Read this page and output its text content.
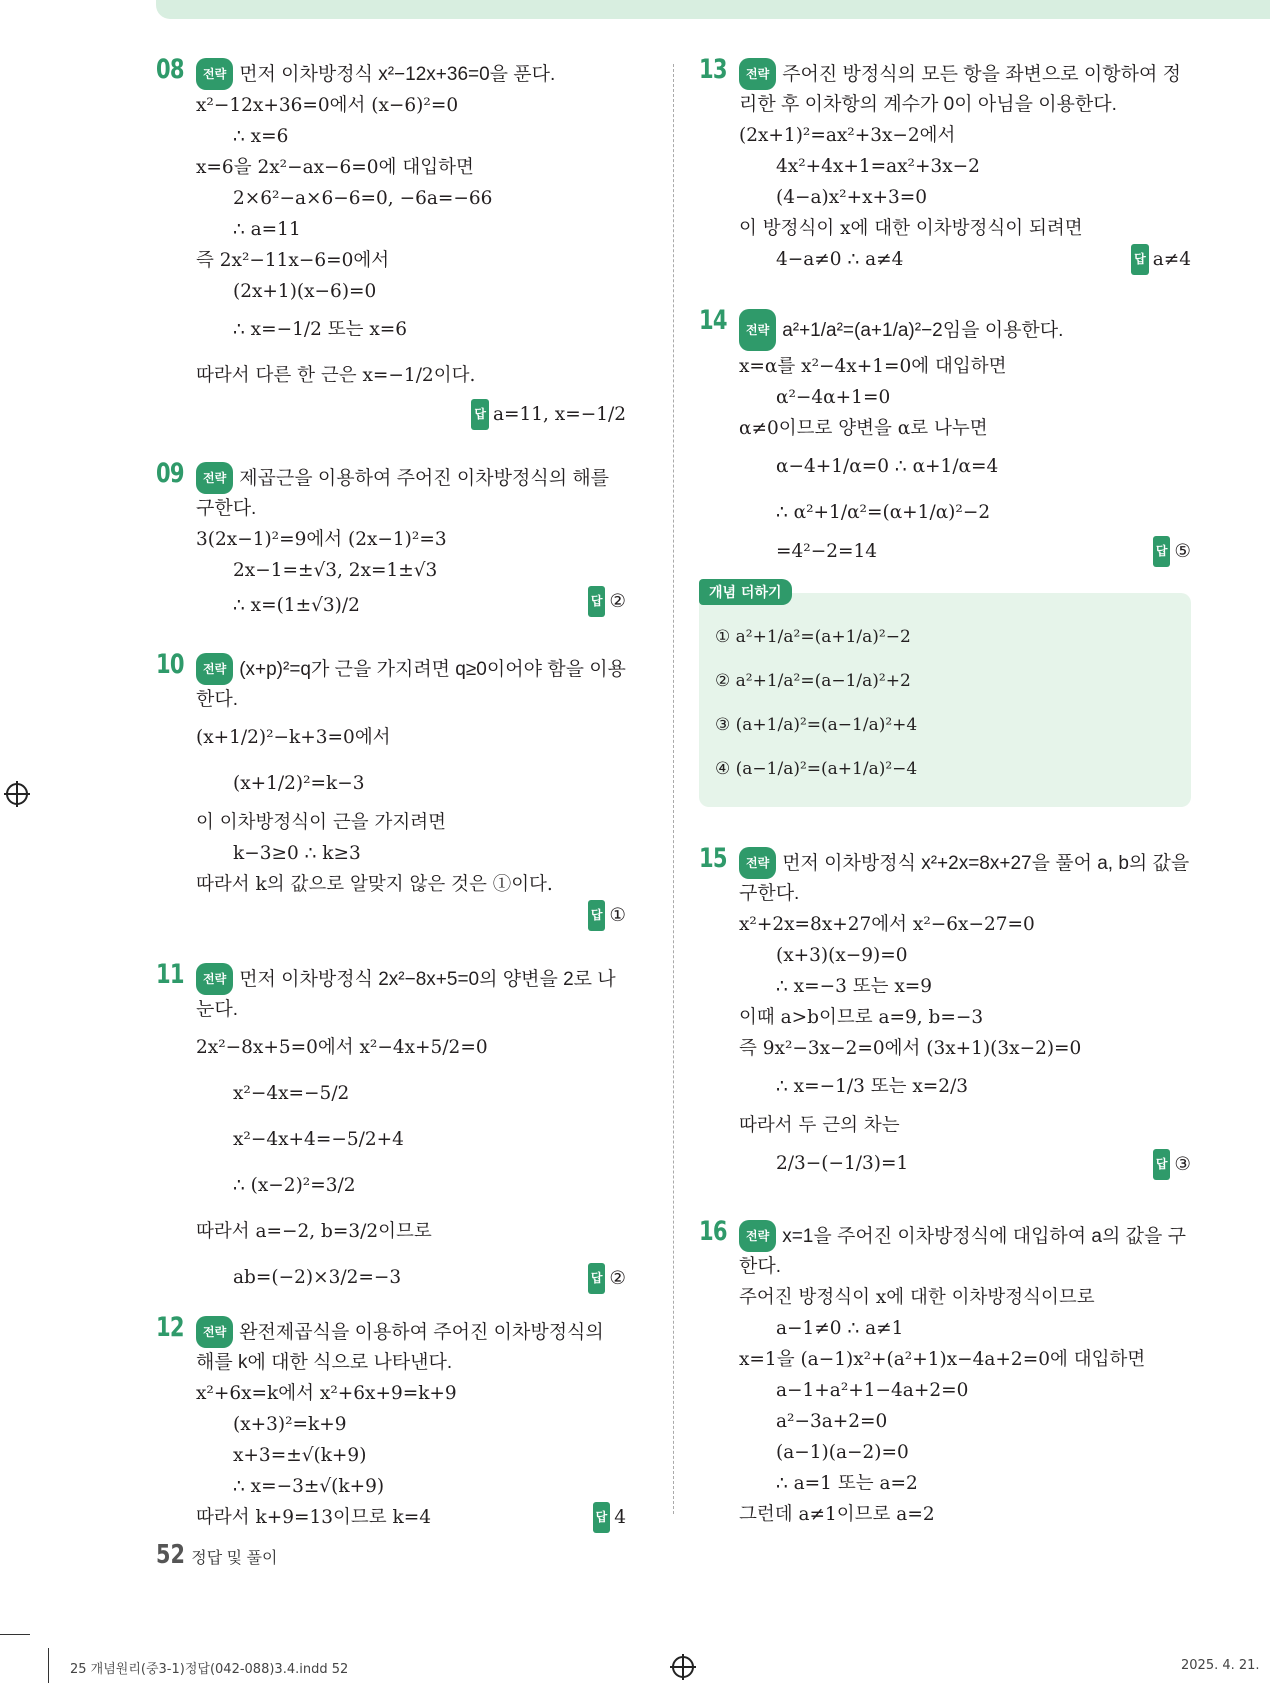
08	전략 먼저 이차방정식 x²−12x+36=0을 푼다.
x²−12x+36=0에서 (x−6)²=0
∴ x=6
x=6을 2x²−ax−6=0에 대입하면
2×6²−a×6−6=0, −6a=−66
∴ a=11
즉 2x²−11x−6=0에서
(2x+1)(x−6)=0
∴ x=−1/2 또는 x=6
따라서 다른 한 근은 x=−1/2이다.
답 a=11, x=−1/2
09	전략 제곱근을 이용하여 주어진 이차방정식의 해를 구한다.
3(2x−1)²=9에서 (2x−1)²=3
2x−1=±√3, 2x=1±√3
∴ x=(1±√3)/2	답 ②
10	전략 (x+p)²=q가 근을 가지려면 q≥0이어야 함을 이용한다.
(x+1/2)²−k+3=0에서
(x+1/2)²=k−3
이 이차방정식이 근을 가지려면
k−3≥0 ∴ k≥3
따라서 k의 값으로 알맞지 않은 것은 ①이다.
답 ①
11	전략 먼저 이차방정식 2x²−8x+5=0의 양변을 2로 나눈다.
2x²−8x+5=0에서 x²−4x+5/2=0
x²−4x=−5/2
x²−4x+4=−5/2+4
∴ (x−2)²=3/2
따라서 a=−2, b=3/2이므로
ab=(−2)×3/2=−3	답 ②
12	전략 완전제곱식을 이용하여 주어진 이차방정식의 해를 k에 대한 식으로 나타낸다.
x²+6x=k에서 x²+6x+9=k+9
(x+3)²=k+9
x+3=±√(k+9)
∴ x=−3±√(k+9)
따라서 k+9=13이므로 k=4	답 4
13	전략 주어진 방정식의 모든 항을 좌변으로 이항하여 정리한 후 이차항의 계수가 0이 아님을 이용한다.
(2x+1)²=ax²+3x−2에서
4x²+4x+1=ax²+3x−2
(4−a)x²+x+3=0
이 방정식이 x에 대한 이차방정식이 되려면
4−a≠0 ∴ a≠4	답 a≠4
14	전략 a²+1/a²=(a+1/a)²−2임을 이용한다.
x=α를 x²−4x+1=0에 대입하면
α²−4α+1=0
α≠0이므로 양변을 α로 나누면
α−4+1/α=0 ∴ α+1/α=4
∴ α²+1/α²=(α+1/α)²−2
=4²−2=14	답 ⑤
개념 더하기
① a²+1/a²=(a+1/a)²−2
② a²+1/a²=(a−1/a)²+2
③ (a+1/a)²=(a−1/a)²+4
④ (a−1/a)²=(a+1/a)²−4
15	전략 먼저 이차방정식 x²+2x=8x+27을 풀어 a, b의 값을 구한다.
x²+2x=8x+27에서 x²−6x−27=0
(x+3)(x−9)=0
∴ x=−3 또는 x=9
이때 a>b이므로 a=9, b=−3
즉 9x²−3x−2=0에서 (3x+1)(3x−2)=0
∴ x=−1/3 또는 x=2/3
따라서 두 근의 차는
2/3−(−1/3)=1	답 ③
16	전략 x=1을 주어진 이차방정식에 대입하여 a의 값을 구한다.
주어진 방정식이 x에 대한 이차방정식이므로
a−1≠0 ∴ a≠1
x=1을 (a−1)x²+(a²+1)x−4a+2=0에 대입하면
a−1+a²+1−4a+2=0
a²−3a+2=0
(a−1)(a−2)=0
∴ a=1 또는 a=2
그런데 a≠1이므로 a=2
52 정답 및 풀이
25 개념원리(중3-1)정답(042-088)3.4.indd 52	2025. 4. 21.
